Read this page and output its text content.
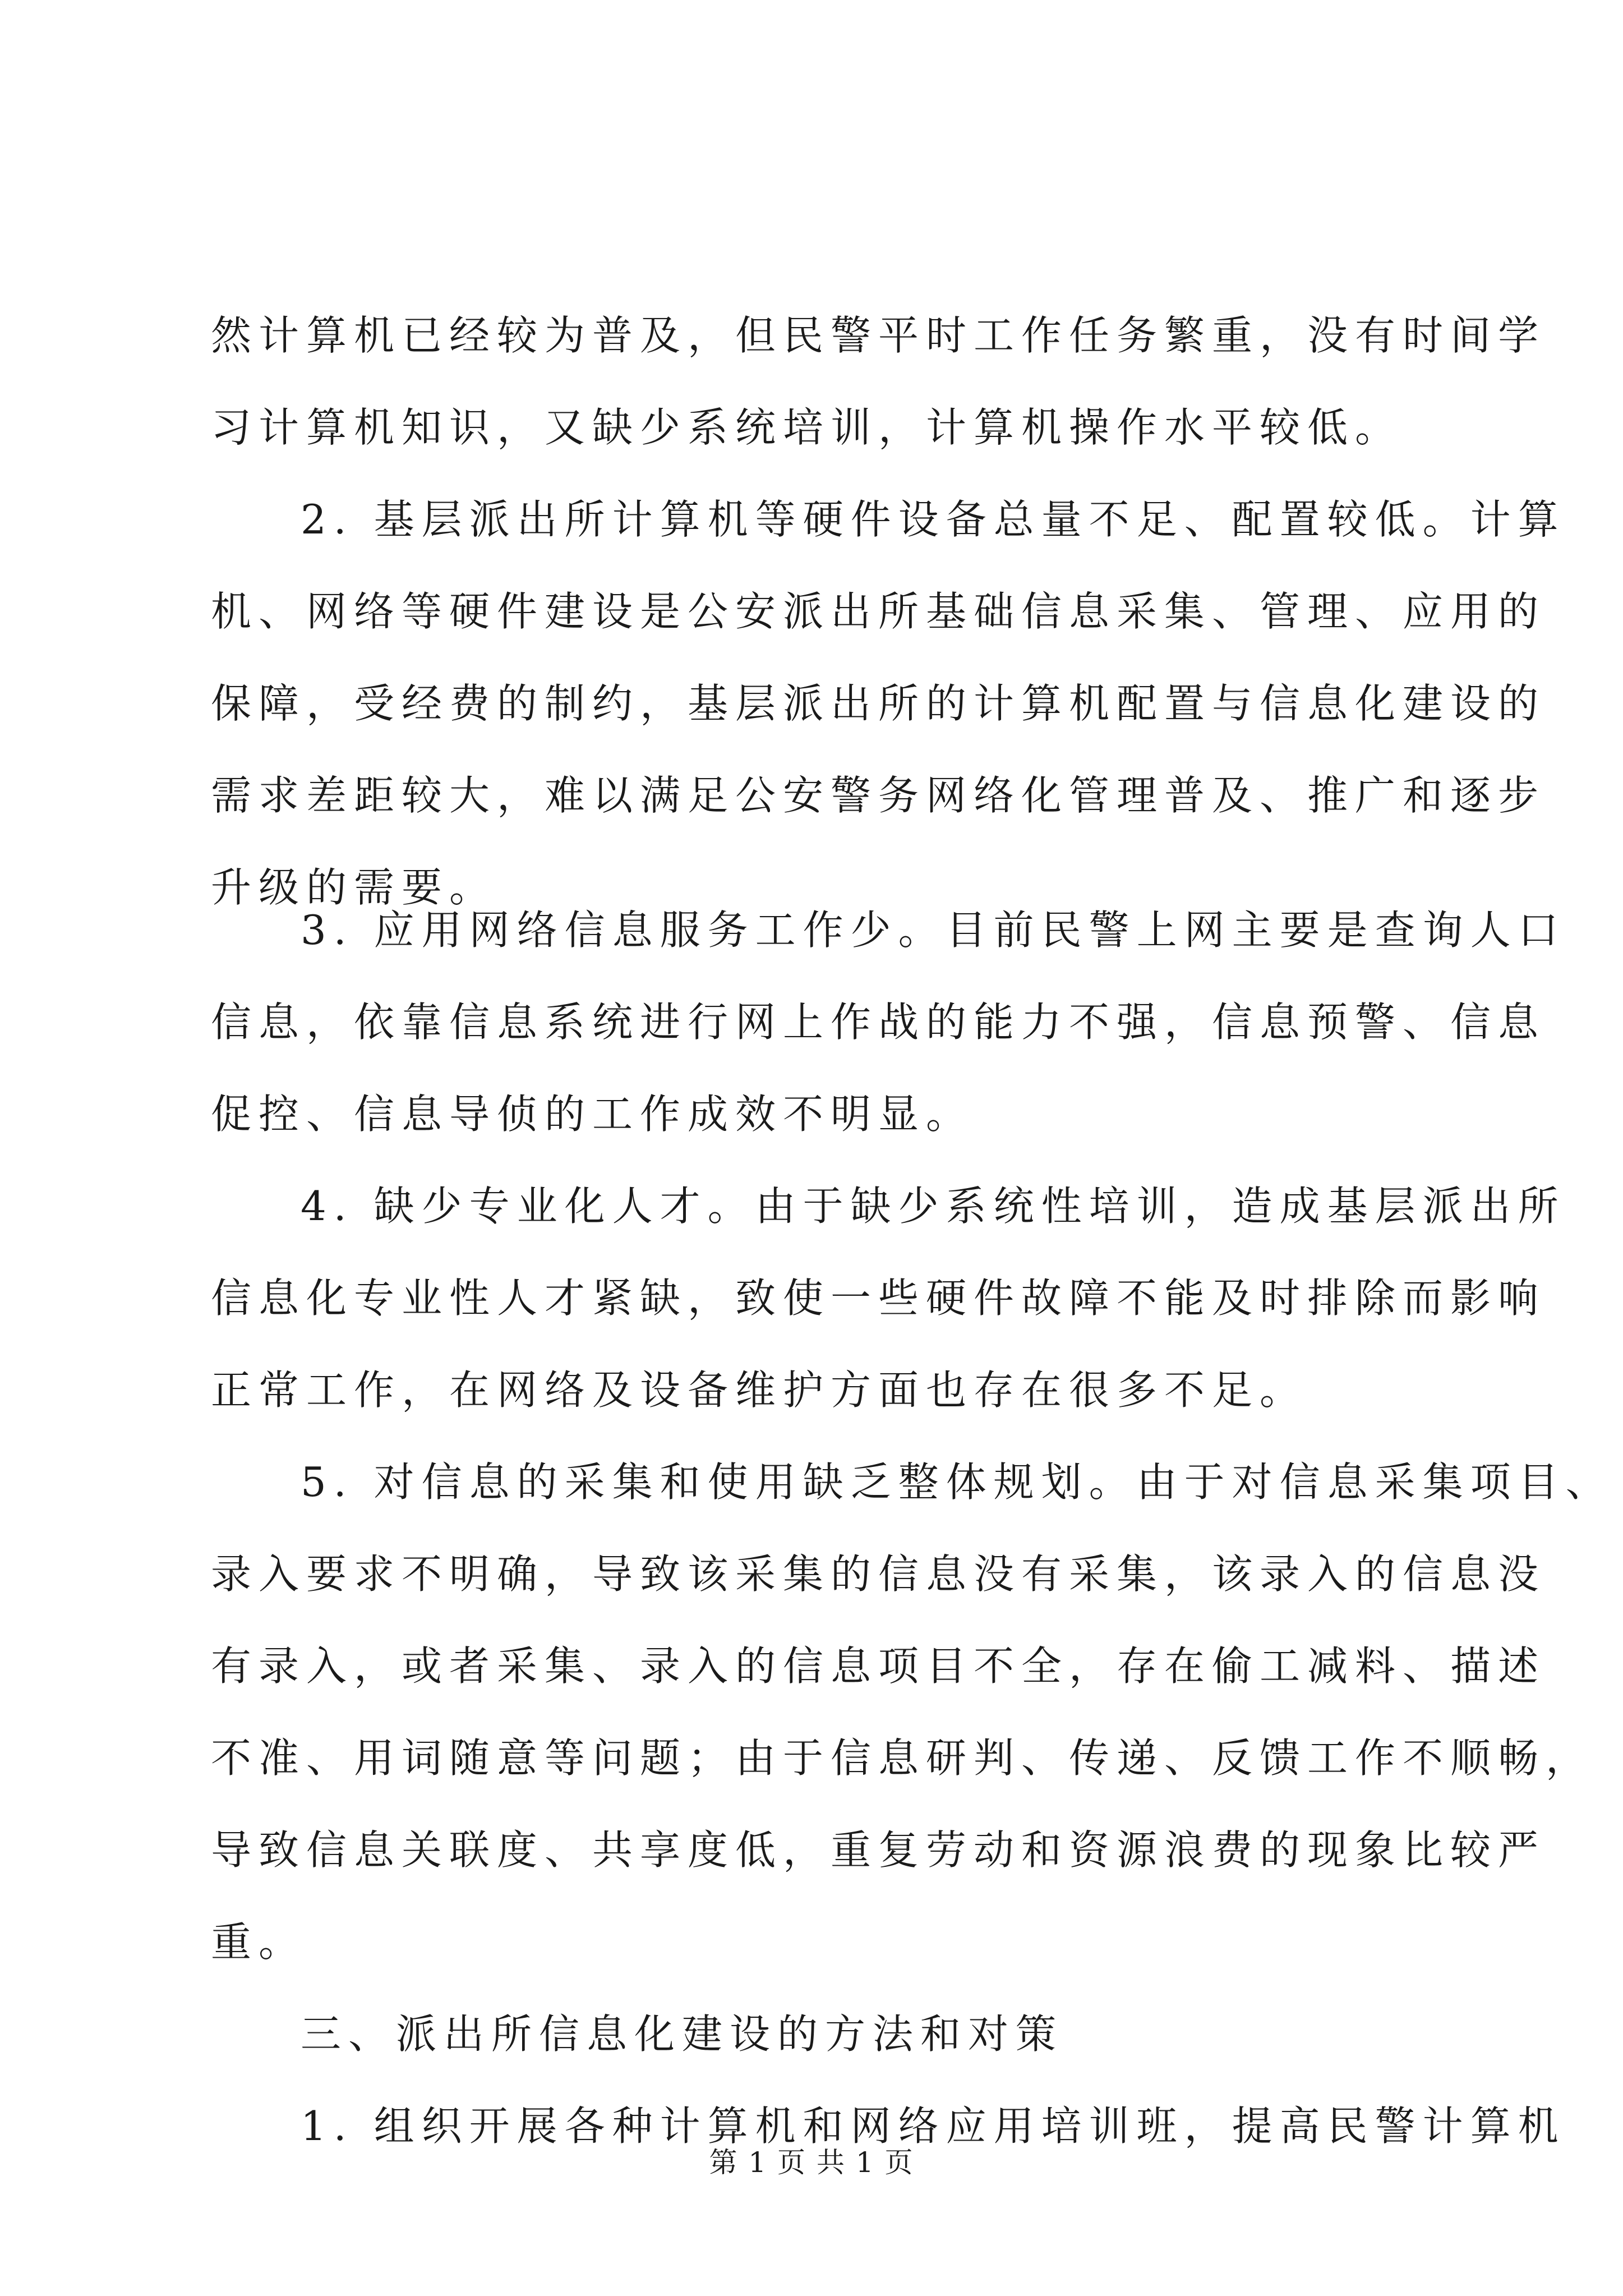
然计算机已经较为普及，但民警平时工作任务繁重，没有时间学

习计算机知识，又缺少系统培训，计算机操作水平较低。

2. 基层派出所计算机等硬件设备总量不足、配置较低。计算

机、网络等硬件建设是公安派出所基础信息采集、管理、应用的

保障，受经费的制约，基层派出所的计算机配置与信息化建设的

需求差距较大，难以满足公安警务网络化管理普及、推广和逐步

升级的需要。

3. 应用网络信息服务工作少。目前民警上网主要是查询人口

信息，依靠信息系统进行网上作战的能力不强，信息预警、信息

促控、信息导侦的工作成效不明显。

4. 缺少专业化人才。由于缺少系统性培训，造成基层派出所

信息化专业性人才紧缺，致使一些硬件故障不能及时排除而影响

正常工作，在网络及设备维护方面也存在很多不足。

5. 对信息的采集和使用缺乏整体规划。由于对信息采集项目、

录入要求不明确，导致该采集的信息没有采集，该录入的信息没

有录入，或者采集、录入的信息项目不全，存在偷工减料、描述

不准、用词随意等问题；由于信息研判、传递、反馈工作不顺畅，

导致信息关联度、共享度低，重复劳动和资源浪费的现象比较严

重。

三、派出所信息化建设的方法和对策

1. 组织开展各种计算机和网络应用培训班，提高民警计算机

第 1 页 共 1 页
